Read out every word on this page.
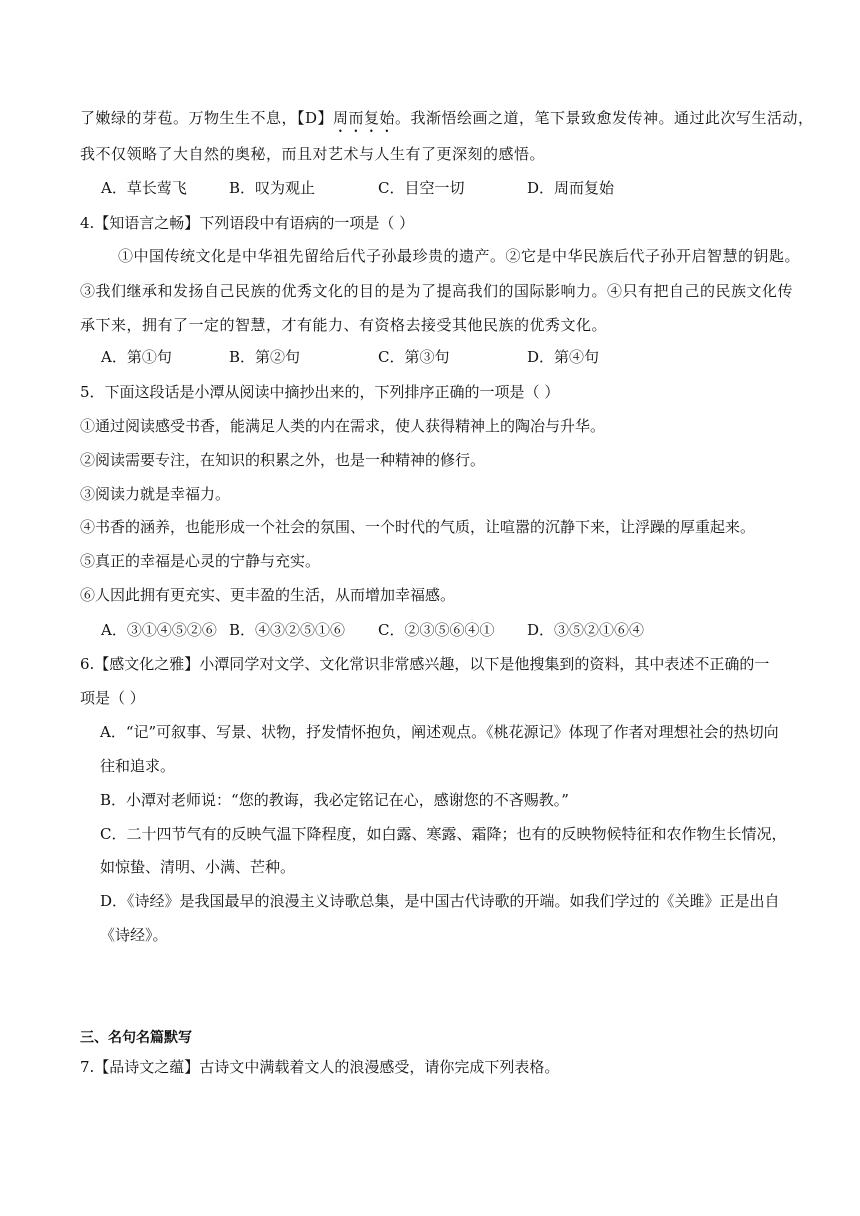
了嫩绿的芽苞。万物生生不息，【D】周而复始。我渐悟绘画之道，笔下景致愈发传神。通过此次写生活动，
我不仅领略了大自然的奥秘，而且对艺术与人生有了更深刻的感悟。
A．草长莺飞	B．叹为观止	C．目空一切	D．周而复始
4.【知语言之畅】下列语段中有语病的一项是（ ）
①中国传统文化是中华祖先留给后代子孙最珍贵的遗产。②它是中华民族后代子孙开启智慧的钥匙。
③我们继承和发扬自己民族的优秀文化的目的是为了提高我们的国际影响力。④只有把自己的民族文化传
承下来，拥有了一定的智慧，才有能力、有资格去接受其他民族的优秀文化。
A．第①句	B．第②句	C．第③句	D．第④句
5．下面这段话是小潭从阅读中摘抄出来的，下列排序正确的一项是（ ）
①通过阅读感受书香，能满足人类的内在需求，使人获得精神上的陶冶与升华。
②阅读需要专注，在知识的积累之外，也是一种精神的修行。
③阅读力就是幸福力。
④书香的涵养，也能形成一个社会的氛围、一个时代的气质，让喧嚣的沉静下来，让浮躁的厚重起来。
⑤真正的幸福是心灵的宁静与充实。
⑥人因此拥有更充实、更丰盈的生活，从而增加幸福感。
A．③①④⑤②⑥ B．④③②⑤①⑥ C．②③⑤⑥④① D．③⑤②①⑥④
6.【感文化之雅】小潭同学对文学、文化常识非常感兴趣，以下是他搜集到的资料，其中表述不正确的一
项是（ ）
A．“记”可叙事、写景、状物，抒发情怀抱负，阐述观点。《桃花源记》体现了作者对理想社会的热切向
往和追求。
B．小潭对老师说：“您的教诲，我必定铭记在心，感谢您的不吝赐教。”
C．二十四节气有的反映气温下降程度，如白露、寒露、霜降；也有的反映物候特征和农作物生长情况，
如惊蛰、清明、小满、芒种。
D．《诗经》是我国最早的浪漫主义诗歌总集，是中国古代诗歌的开端。如我们学过的《关雎》正是出自
《诗经》。
三、名句名篇默写
7.【品诗文之蕴】古诗文中满载着文人的浪漫感受，请你完成下列表格。
